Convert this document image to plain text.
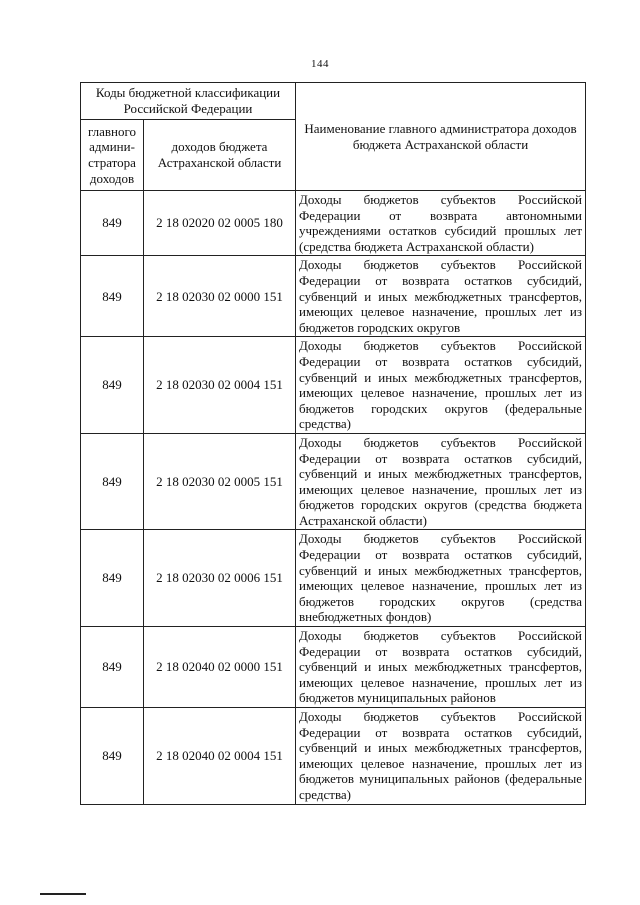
144
Коды бюджетной классификации Российской Федерации		Наименование главного администратора доходов бюджета Астраханской области
главного админи-стратора доходов	доходов бюджета Астраханской области	
849	2 18 02020 02 0005 180	Доходы бюджетов субъектов Российской Федерации от возврата автономными учреждениями остатков субсидий прошлых лет (средства бюджета Астраханской области)
849	2 18 02030 02 0000 151	Доходы бюджетов субъектов Российской Федерации от возврата остатков субсидий, субвенций и иных межбюджетных трансфертов, имеющих целевое назначение, прошлых лет из бюджетов городских округов
849	2 18 02030 02 0004 151	Доходы бюджетов субъектов Российской Федерации от возврата остатков субсидий, субвенций и иных межбюджетных трансфертов, имеющих целевое назначение, прошлых лет из бюджетов городских округов (федеральные средства)
849	2 18 02030 02 0005 151	Доходы бюджетов субъектов Российской Федерации от возврата остатков субсидий, субвенций и иных межбюджетных трансфертов, имеющих целевое назначение, прошлых лет из бюджетов городских округов (средства бюджета Астраханской области)
849	2 18 02030 02 0006 151	Доходы бюджетов субъектов Российской Федерации от возврата остатков субсидий, субвенций и иных межбюджетных трансфертов, имеющих целевое назначение, прошлых лет из бюджетов городских округов (средства внебюджетных фондов)
849	2 18 02040 02 0000 151	Доходы бюджетов субъектов Российской Федерации от возврата остатков субсидий, субвенций и иных межбюджетных трансфертов, имеющих целевое назначение, прошлых лет из бюджетов муниципальных районов
849	2 18 02040 02 0004 151	Доходы бюджетов субъектов Российской Федерации от возврата остатков субсидий, субвенций и иных межбюджетных трансфертов, имеющих целевое назначение, прошлых лет из бюджетов муниципальных районов (федеральные средства)
